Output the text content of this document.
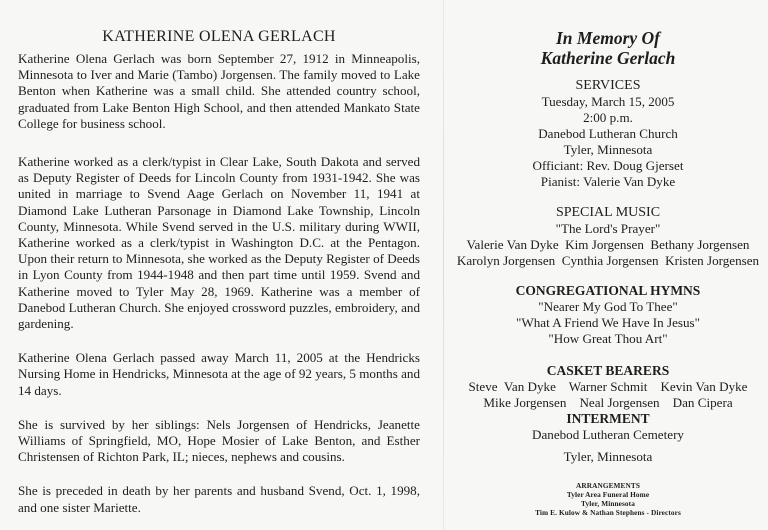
KATHERINE OLENA GERLACH

Katherine Olena Gerlach was born September 27, 1912 in Minneapolis, Minnesota to Iver and Marie (Tambo) Jorgensen. The family moved to Lake Benton when Katherine was a small child. She attended country school, graduated from Lake Benton High School, and then attended Mankato State College for business school.

Katherine worked as a clerk/typist in Clear Lake, South Dakota and served as Deputy Register of Deeds for Lincoln County from 1931-1942. She was united in marriage to Svend Aage Gerlach on November 11, 1941 at Diamond Lake Lutheran Parsonage in Diamond Lake Township, Lincoln County, Minnesota. While Svend served in the U.S. military during WWII, Katherine worked as a clerk/typist in Washington D.C. at the Pentagon. Upon their return to Minnesota, she worked as the Deputy Register of Deeds in Lyon County from 1944-1948 and then part time until 1959. Svend and Katherine moved to Tyler May 28, 1969. Katherine was a member of Danebod Lutheran Church. She enjoyed crossword puzzles, embroidery, and gardening.

Katherine Olena Gerlach passed away March 11, 2005 at the Hendricks Nursing Home in Hendricks, Minnesota at the age of 92 years, 5 months and 14 days.

She is survived by her siblings: Nels Jorgensen of Hendricks, Jeanette Williams of Springfield, MO, Hope Mosier of Lake Benton, and Esther Christensen of Richton Park, IL; nieces, nephews and cousins.

She is preceded in death by her parents and husband Svend, Oct. 1, 1998, and one sister Mariette.

In Memory Of
Katherine Gerlach
SERVICES
Tuesday, March 15, 2005
2:00 p.m.
Danebod Lutheran Church
Tyler, Minnesota
Officiant: Rev. Doug Gjerset
Pianist: Valerie Van Dyke
SPECIAL MUSIC
"The Lord's Prayer"
Valerie Van Dyke  Kim Jorgensen  Bethany Jorgensen
Karolyn Jorgensen  Cynthia Jorgensen  Kristen Jorgensen
CONGREGATIONAL HYMNS
"Nearer My God To Thee"
"What A Friend We Have In Jesus"
"How Great Thou Art"
CASKET BEARERS
Steve  Van Dyke    Warner Schmit    Kevin Van Dyke
Mike Jorgensen    Neal Jorgensen    Dan Cipera
INTERMENT
Danebod Lutheran Cemetery
Tyler, Minnesota
ARRANGEMENTS
Tyler Area Funeral Home
Tyler, Minnesota
Tim E. Kulow & Nathan Stephens - Directors
